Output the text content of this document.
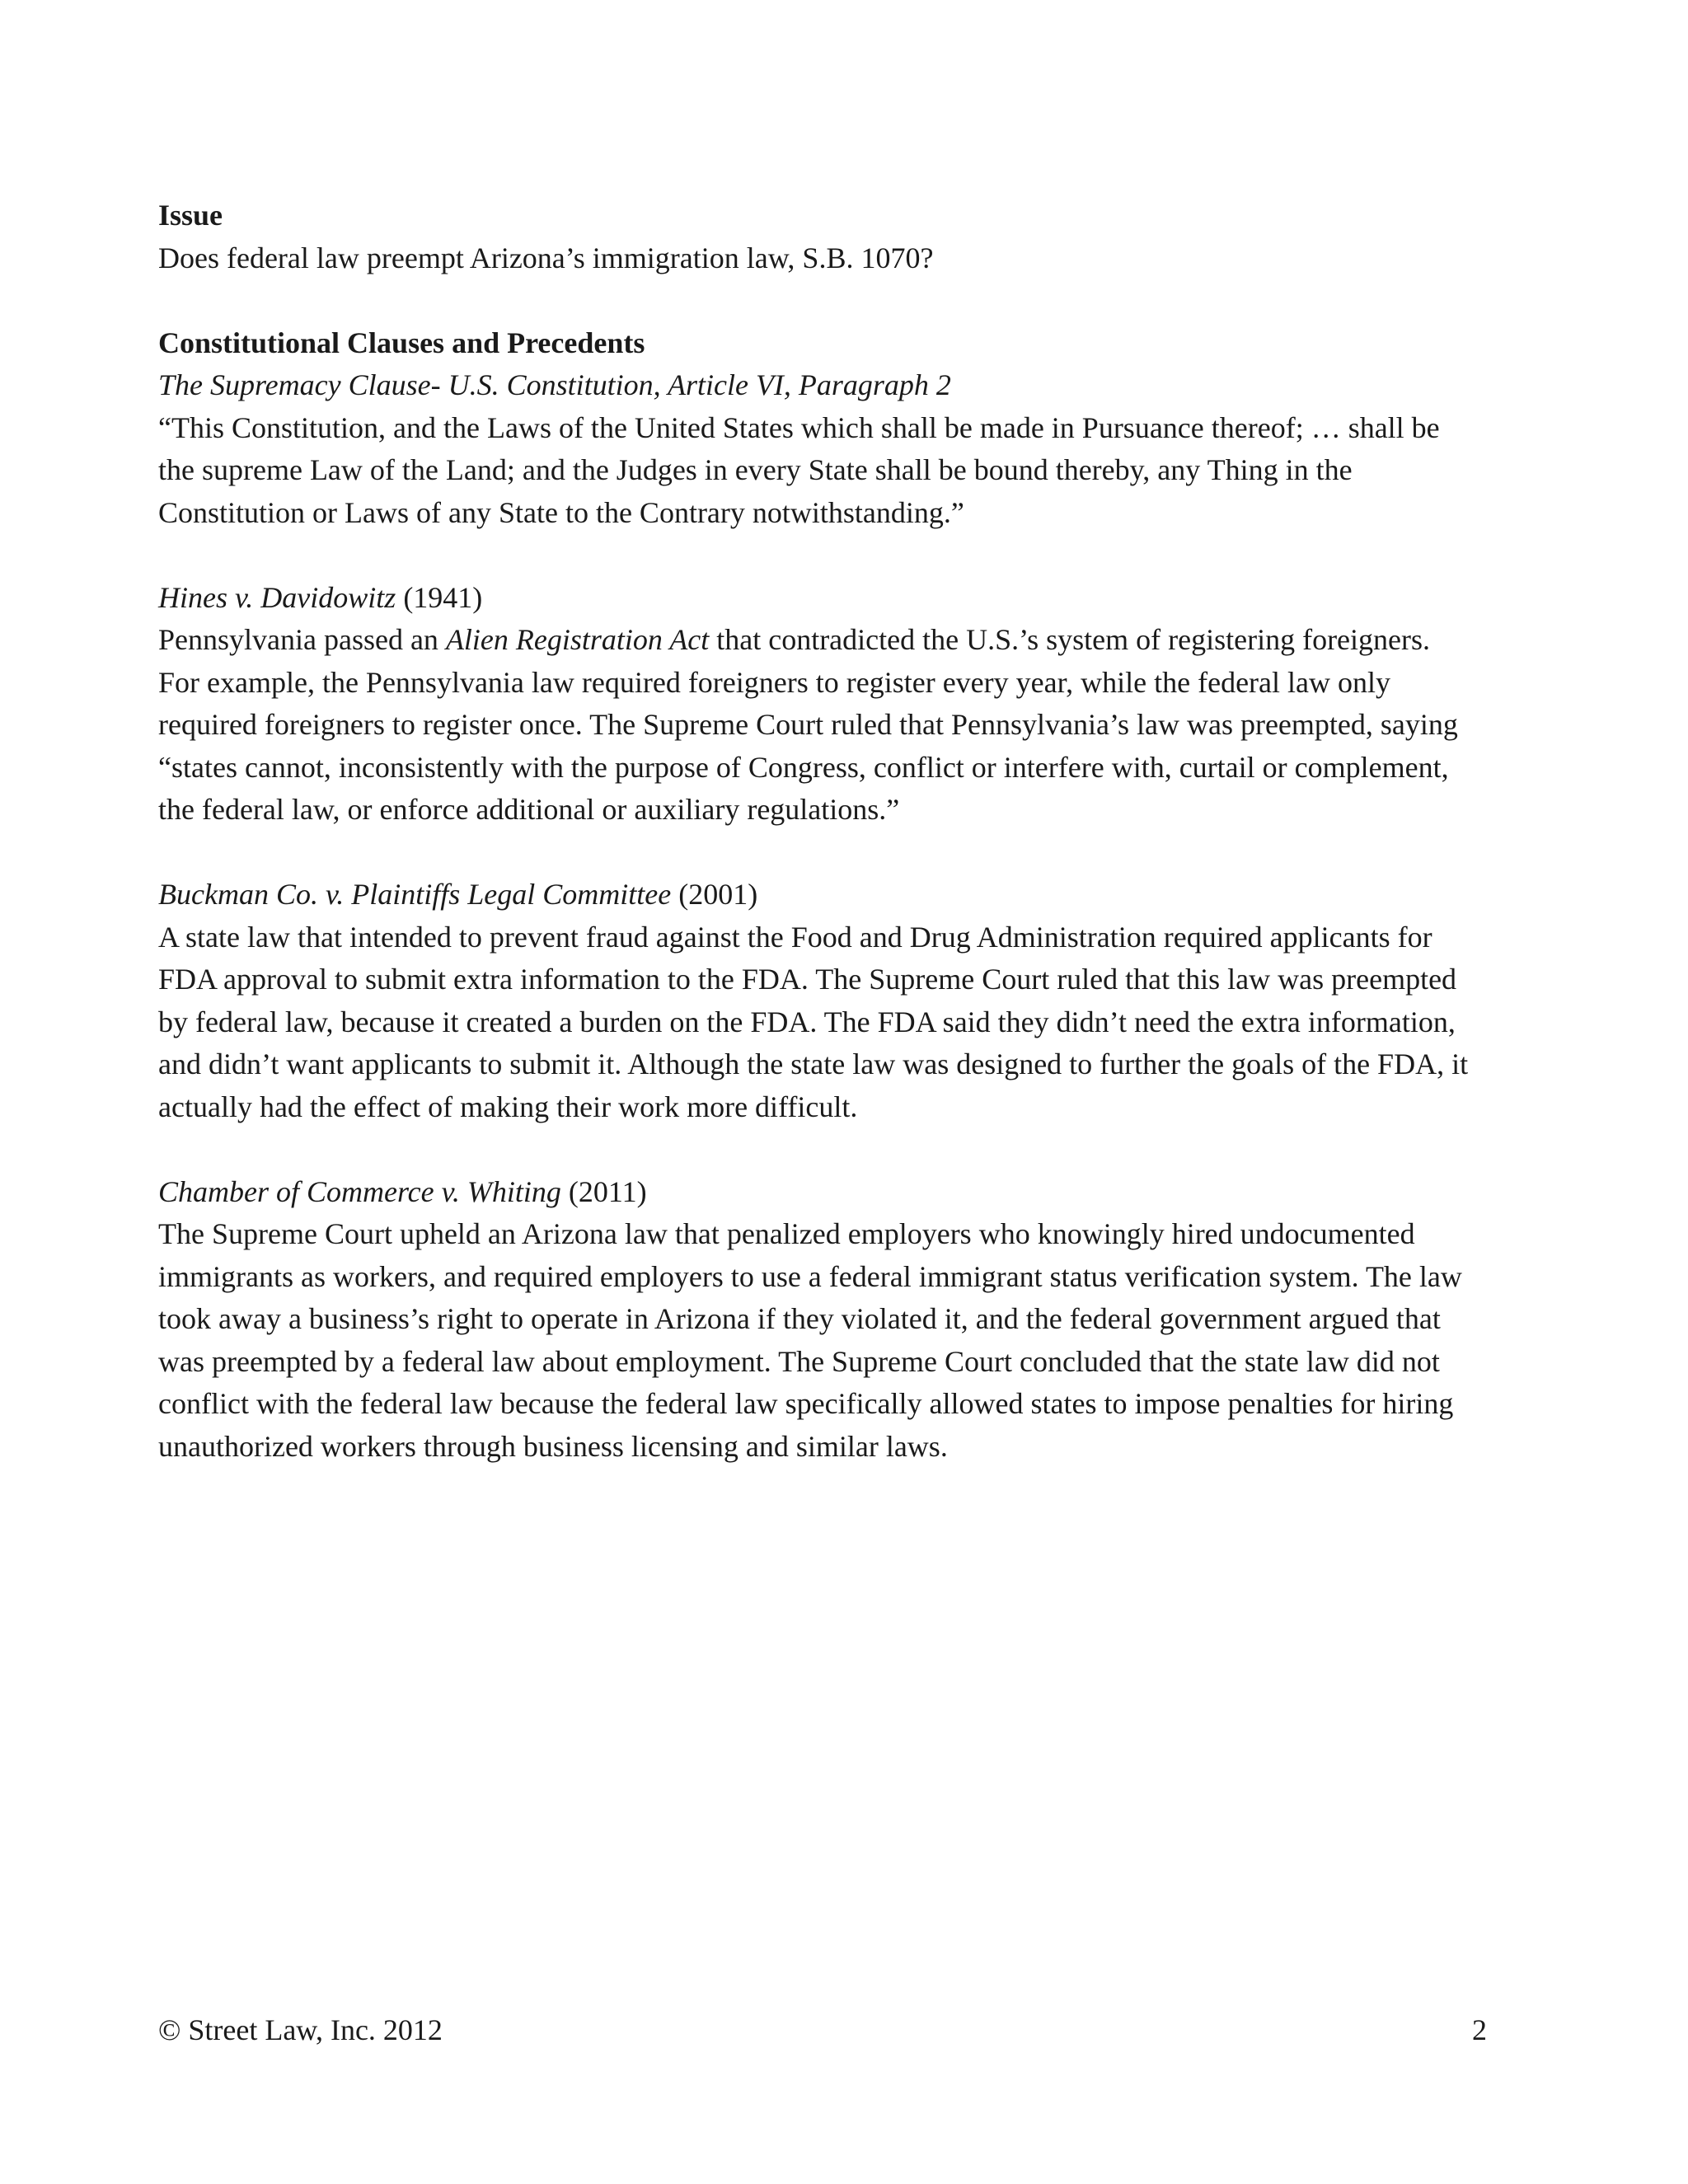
Issue

Does federal law preempt Arizona’s immigration law, S.B. 1070?

Constitutional Clauses and Precedents

The Supremacy Clause- U.S. Constitution, Article VI, Paragraph 2

“This Constitution, and the Laws of the United States which shall be made in Pursuance thereof; … shall be the supreme Law of the Land; and the Judges in every State shall be bound thereby, any Thing in the Constitution or Laws of any State to the Contrary notwithstanding.”

Hines v. Davidowitz (1941)

Pennsylvania passed an Alien Registration Act that contradicted the U.S.’s system of registering foreigners. For example, the Pennsylvania law required foreigners to register every year, while the federal law only required foreigners to register once. The Supreme Court ruled that Pennsylvania’s law was preempted, saying “states cannot, inconsistently with the purpose of Congress, conflict or interfere with, curtail or complement, the federal law, or enforce additional or auxiliary regulations.”

Buckman Co. v. Plaintiffs Legal Committee (2001)

A state law that intended to prevent fraud against the Food and Drug Administration required applicants for FDA approval to submit extra information to the FDA. The Supreme Court ruled that this law was preempted by federal law, because it created a burden on the FDA. The FDA said they didn’t need the extra information, and didn’t want applicants to submit it. Although the state law was designed to further the goals of the FDA, it actually had the effect of making their work more difficult.

Chamber of Commerce v. Whiting (2011)

The Supreme Court upheld an Arizona law that penalized employers who knowingly hired undocumented immigrants as workers, and required employers to use a federal immigrant status verification system. The law took away a business’s right to operate in Arizona if they violated it, and the federal government argued that was preempted by a federal law about employment. The Supreme Court concluded that the state law did not conflict with the federal law because the federal law specifically allowed states to impose penalties for hiring unauthorized workers through business licensing and similar laws.

© Street Law, Inc. 2012	2
